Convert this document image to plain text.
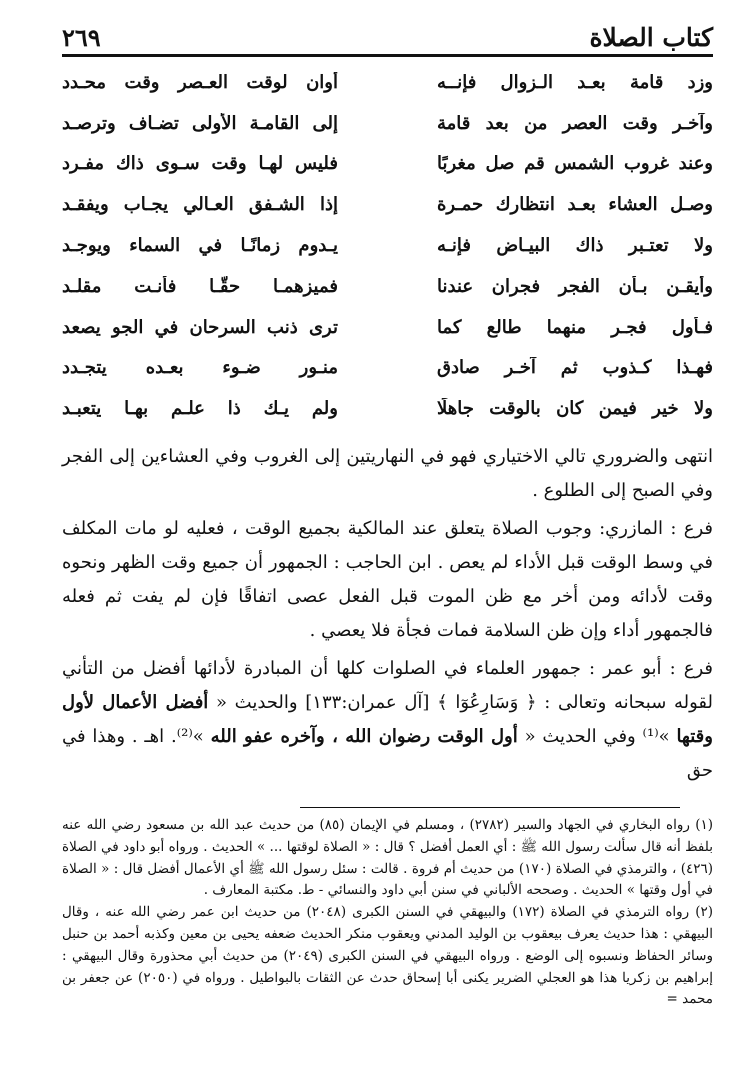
كتاب الصلاة
٢٦٩
وزد قامة بعـد الـزوال فإنــه
أوان لوقت العـصر وقت محـدد
وآخـر وقت العصر من بعد قامة
إلى القامـة الأولى تضـاف وترصـد
وعند غروب الشمس قم صل مغربًا
فليس لهـا وقت سـوى ذاك مفـرد
وصـل العشاء بعـد انتظارك حمـرة
إذا الشـفق العـالي يجـاب ويفقـد
ولا تعتـبر ذاك البيـاض فإنـه
يـدوم زمانًـا في السماء ويوجـد
وأيقـن بـأن الفجر فجران عندنا
فميزهمـا حقًّـا فأنـت مقلـد
فـأول فجـر منهما طالع كما
ترى ذنب السرحان في الجو يصعد
فهـذا كـذوب ثم آخـر صادق
منـور ضـوء بعـده يتجـدد
ولا خير فيمن كان بالوقت جاهلًا
ولم يـك ذا علـم بهـا يتعبـد

انتهى والضروري تالي الاختياري فهو في النهاريتين إلى الغروب وفي العشاءين إلى الفجر وفي الصبح إلى الطلوع .

فرع : المازري: وجوب الصلاة يتعلق عند المالكية بجميع الوقت ، فعليه لو مات المكلف في وسط الوقت قبل الأداء لم يعص . ابن الحاجب : الجمهور أن جميع وقت الظهر ونحوه وقت لأدائه ومن أخر مع ظن الموت قبل الفعل عصى اتفاقًا فإن لم يفت ثم فعله فالجمهور أداء وإن ظن السلامة فمات فجأة فلا يعصي .

فرع : أبو عمر : جمهور العلماء في الصلوات كلها أن المبادرة لأدائها أفضل من التأني لقوله سبحانه وتعالى : ﴿ وَسَارِعُوٓا ﴾ [آل عمران:١٣٣] والحديث « أفضل الأعمال لأول وقتها »⁽¹⁾ وفي الحديث « أول الوقت رضوان الله ، وآخره عفو الله »⁽²⁾. اهـ . وهذا في حق

(١) رواه البخاري في الجهاد والسير (٢٧٨٢) ، ومسلم في الإيمان (٨٥) من حديث عبد الله بن مسعود رضي الله عنه بلفظ أنه قال سألت رسول الله ﷺ : أي العمل أفضل ؟ قال : « الصلاة لوقتها ... » الحديث . ورواه أبو داود في الصلاة (٤٢٦) ، والترمذي في الصلاة (١٧٠) من حديث أم فروة . قالت : سئل رسول الله ﷺ أي الأعمال أفضل قال : « الصلاة في أول وقتها » الحديث . وصححه الألباني في سنن أبي داود والنسائي - ط. مكتبة المعارف .

(٢) رواه الترمذي في الصلاة (١٧٢) والبيهقي في السنن الكبرى (٢٠٤٨) من حديث ابن عمر رضي الله عنه ، وقال البيهقي : هذا حديث يعرف بيعقوب بن الوليد المدني ويعقوب منكر الحديث ضعفه يحيى بن معين وكذبه أحمد بن حنبل وسائر الحفاظ ونسبوه إلى الوضع . ورواه البيهقي في السنن الكبرى (٢٠٤٩) من حديث أبي محذورة وقال البيهقي : إبراهيم بن زكريا هذا هو العجلي الضرير يكنى أبا إسحاق حدث عن الثقات بالبواطيل . ورواه في (٢٠٥٠) عن جعفر بن محمد =
